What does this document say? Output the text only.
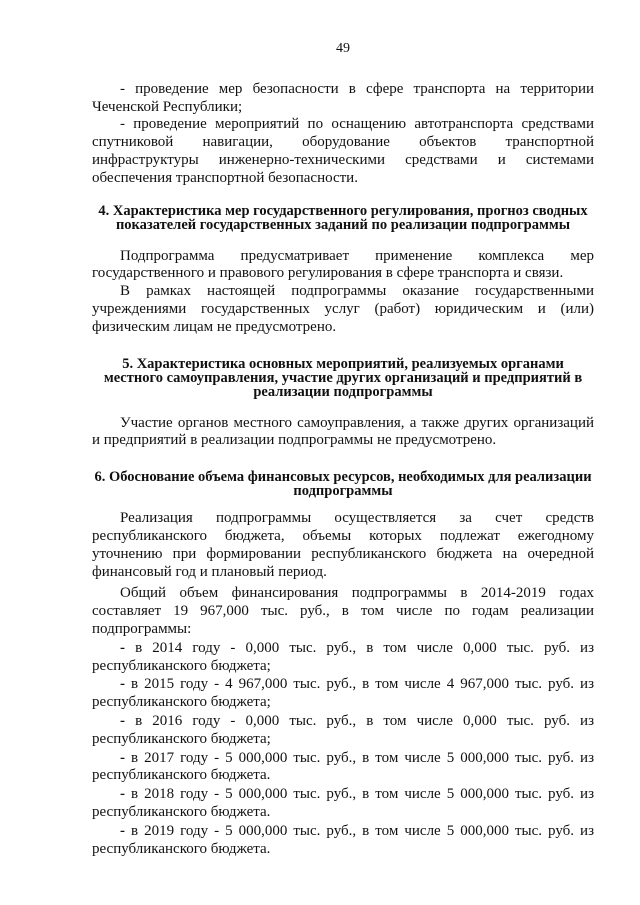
49

- проведение мер безопасности в сфере транспорта на территории Чеченской Республики;

- проведение мероприятий по оснащению автотранспорта средствами спутниковой навигации, оборудование объектов транспортной инфраструктуры инженерно-техническими средствами и системами обеспечения транспортной безопасности.

4. Характеристика мер государственного регулирования, прогноз сводных показателей государственных заданий по реализации подпрограммы

Подпрограмма предусматривает применение комплекса мер государственного и правового регулирования в сфере транспорта и связи.

В рамках настоящей подпрограммы оказание государственными учреждениями государственных услуг (работ) юридическим и (или) физическим лицам не предусмотрено.

5. Характеристика основных мероприятий, реализуемых органами местного самоуправления, участие других организаций и предприятий в реализации подпрограммы

Участие органов местного самоуправления, а также других организаций и предприятий в реализации подпрограммы не предусмотрено.

6. Обоснование объема финансовых ресурсов, необходимых для реализации подпрограммы

Реализация подпрограммы осуществляется за счет средств республиканского бюджета, объемы которых подлежат ежегодному уточнению при формировании республиканского бюджета на очередной финансовый год и плановый период.

Общий объем финансирования подпрограммы в 2014-2019 годах составляет 19 967,000 тыс. руб., в том числе по годам реализации подпрограммы:

- в 2014 году - 0,000 тыс. руб., в том числе 0,000 тыс. руб. из республиканского бюджета;

- в 2015 году - 4 967,000 тыс. руб., в том числе 4 967,000 тыс. руб. из республиканского бюджета;

- в 2016 году - 0,000 тыс. руб., в том числе 0,000 тыс. руб. из республиканского бюджета;

- в 2017 году - 5 000,000 тыс. руб., в том числе 5 000,000 тыс. руб. из республиканского бюджета.

- в 2018 году - 5 000,000 тыс. руб., в том числе 5 000,000 тыс. руб. из республиканского бюджета.

- в 2019 году - 5 000,000 тыс. руб., в том числе 5 000,000 тыс. руб. из республиканского бюджета.
